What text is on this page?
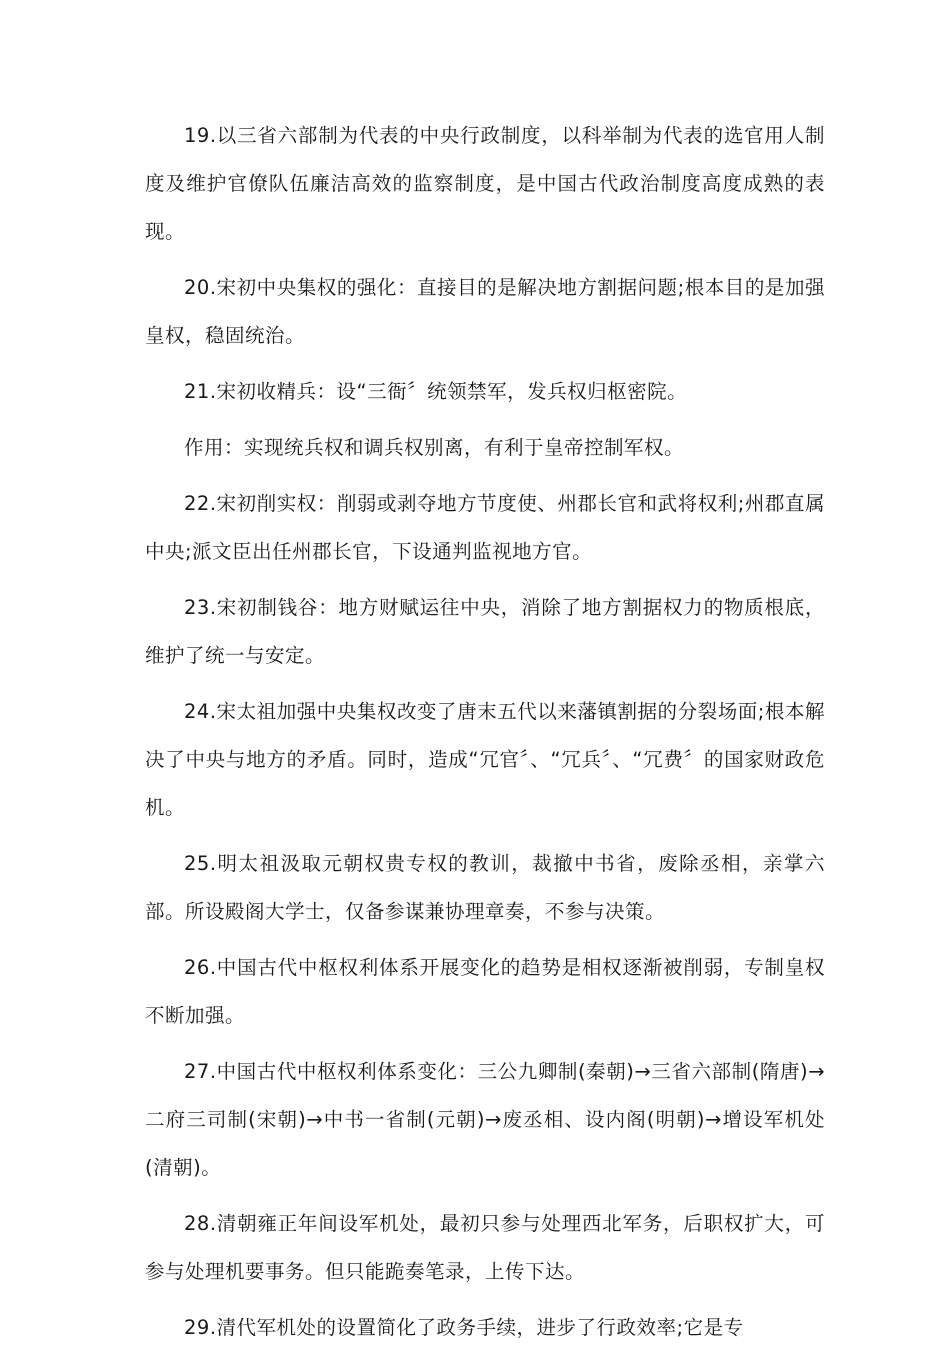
19.以三省六部制为代表的中央行政制度，以科举制为代表的选官用人制度及维护官僚队伍廉洁高效的监察制度，是中国古代政治制度高度成熟的表现。

20.宋初中央集权的强化：直接目的是解决地方割据问题;根本目的是加强皇权，稳固统治。

21.宋初收精兵：设“三衙〞统领禁军，发兵权归枢密院。

作用：实现统兵权和调兵权别离，有利于皇帝控制军权。

22.宋初削实权：削弱或剥夺地方节度使、州郡长官和武将权利;州郡直属中央;派文臣出任州郡长官，下设通判监视地方官。

23.宋初制钱谷：地方财赋运往中央，消除了地方割据权力的物质根底，维护了统一与安定。

24.宋太祖加强中央集权改变了唐末五代以来藩镇割据的分裂场面;根本解决了中央与地方的矛盾。同时，造成“冗官〞、“冗兵〞、“冗费〞的国家财政危机。

25.明太祖汲取元朝权贵专权的教训，裁撤中书省，废除丞相，亲掌六部。所设殿阁大学士，仅备参谋兼协理章奏，不参与决策。

26.中国古代中枢权利体系开展变化的趋势是相权逐渐被削弱，专制皇权不断加强。

27.中国古代中枢权利体系变化：三公九卿制(秦朝)→三省六部制(隋唐)→二府三司制(宋朝)→中书一省制(元朝)→废丞相、设内阁(明朝)→增设军机处(清朝)。

28.清朝雍正年间设军机处，最初只参与处理西北军务，后职权扩大，可参与处理机要事务。但只能跪奏笔录，上传下达。

29.清代军机处的设置简化了政务手续，进步了行政效率;它是专
